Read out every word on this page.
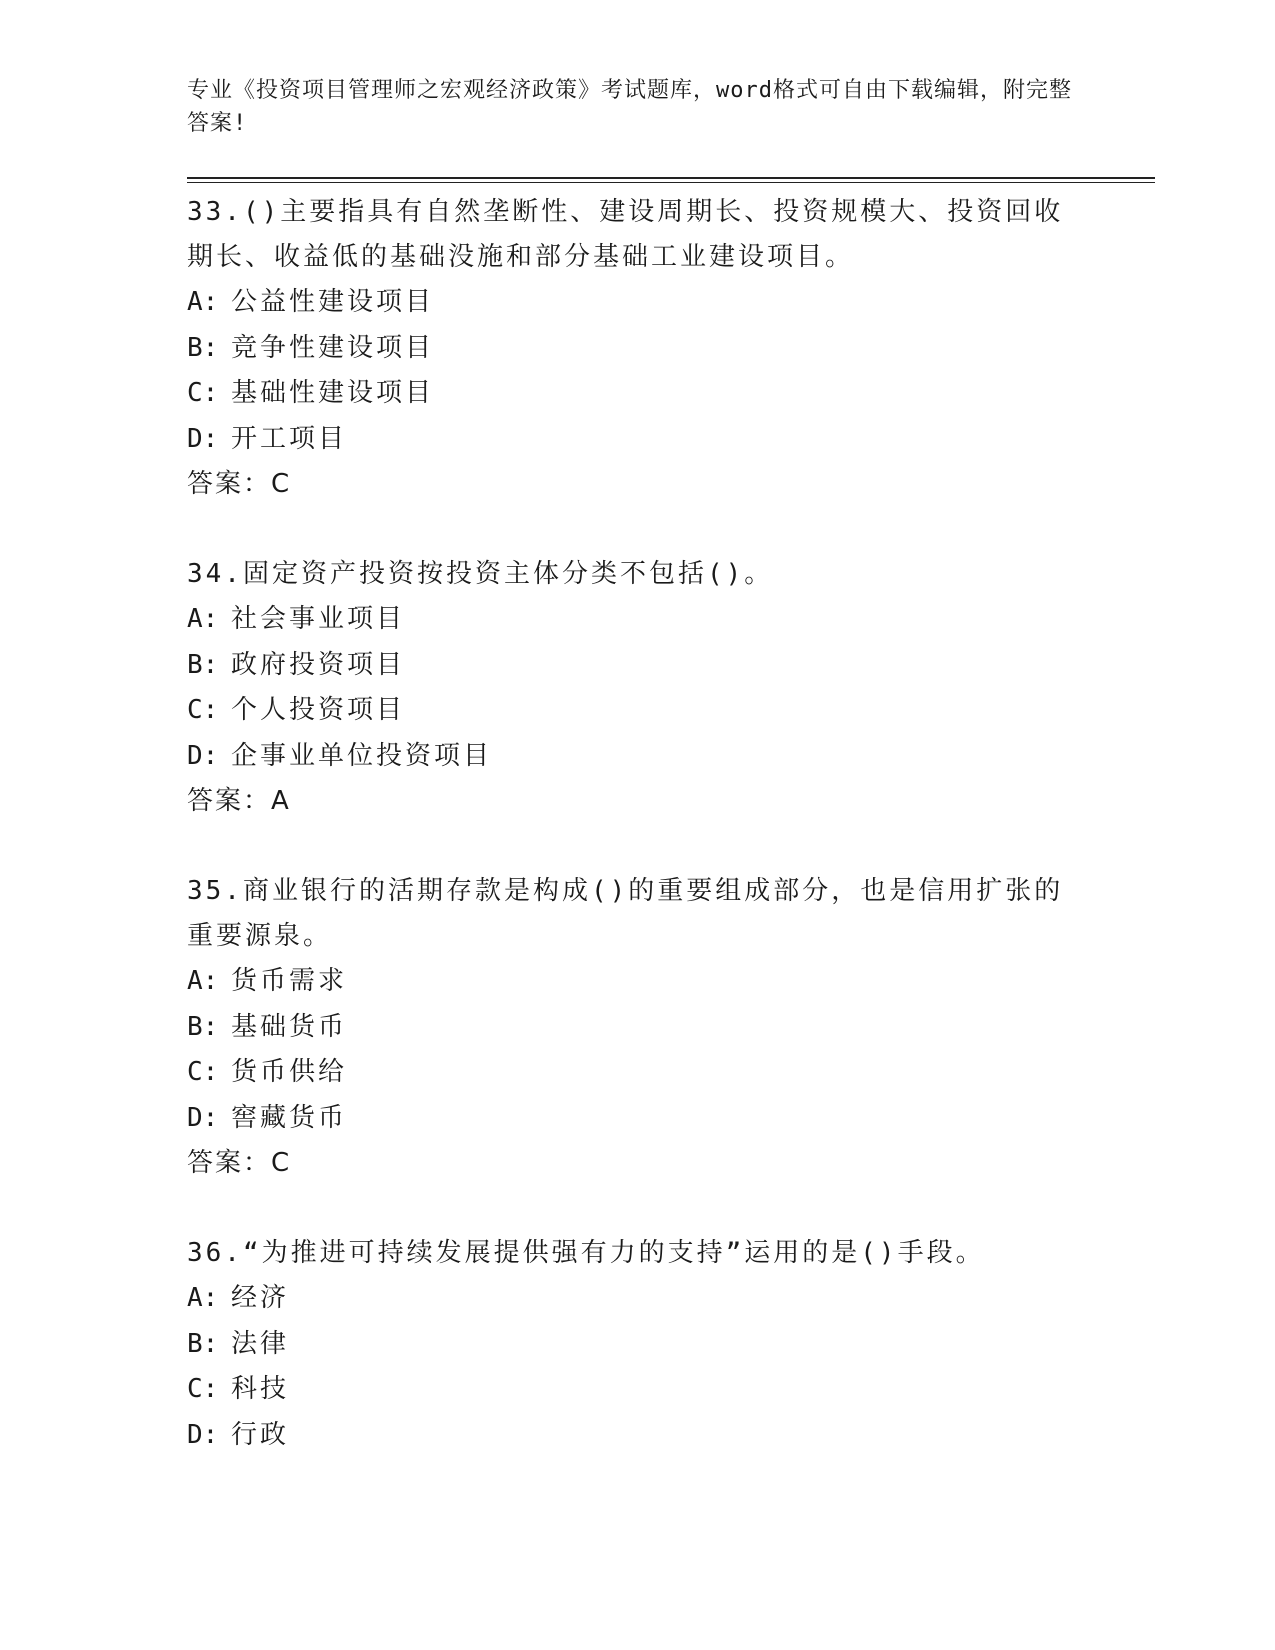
专业《投资项目管理师之宏观经济政策》考试题库，word格式可自由下载编辑，附完整答案!
33.()主要指具有自然垄断性、建设周期长、投资规模大、投资回收期长、收益低的基础没施和部分基础工业建设项目。
A: 公益性建设项目
B: 竞争性建设项目
C: 基础性建设项目
D: 开工项目
答案：C
34.固定资产投资按投资主体分类不包括()。
A: 社会事业项目
B: 政府投资项目
C: 个人投资项目
D: 企事业单位投资项目
答案：A
35.商业银行的活期存款是构成()的重要组成部分，也是信用扩张的重要源泉。
A: 货币需求
B: 基础货币
C: 货币供给
D: 窖藏货币
答案：C
36.“为推进可持续发展提供强有力的支持”运用的是()手段。
A: 经济
B: 法律
C: 科技
D: 行政
